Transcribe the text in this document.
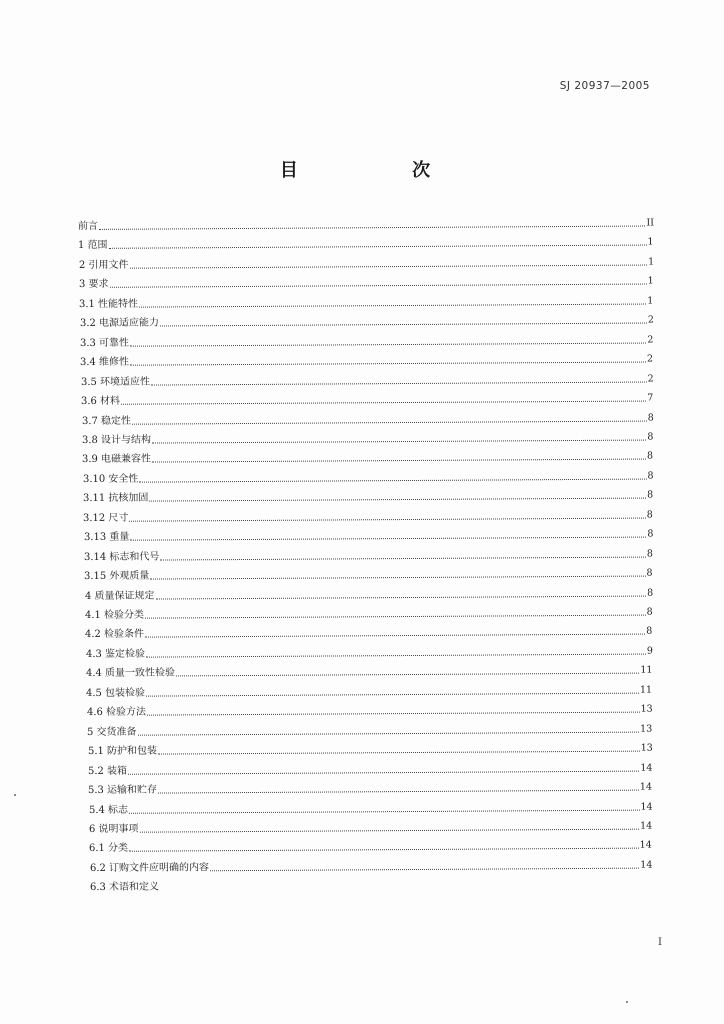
SJ 20937—2005
目 次
前言	II
1 范围	1
2 引用文件	1
3 要求	1
3.1 性能特性	1
3.2 电源适应能力	2
3.3 可靠性	2
3.4 维修性	2
3.5 环境适应性	2
3.6 材料	7
3.7 稳定性	8
3.8 设计与结构	8
3.9 电磁兼容性	8
3.10 安全性	8
3.11 抗核加固	8
3.12 尺寸	8
3.13 重量	8
3.14 标志和代号	8
3.15 外观质量	8
4 质量保证规定	8
4.1 检验分类	8
4.2 检验条件	8
4.3 鉴定检验	9
4.4 质量一致性检验	11
4.5 包装检验	11
4.6 检验方法	13
5 交货准备	13
5.1 防护和包装	13
5.2 装箱	14
5.3 运输和贮存	14
5.4 标志	14
6 说明事项	14
6.1 分类	14
6.2 订购文件应明确的内容	14
6.3 术语和定义
I
